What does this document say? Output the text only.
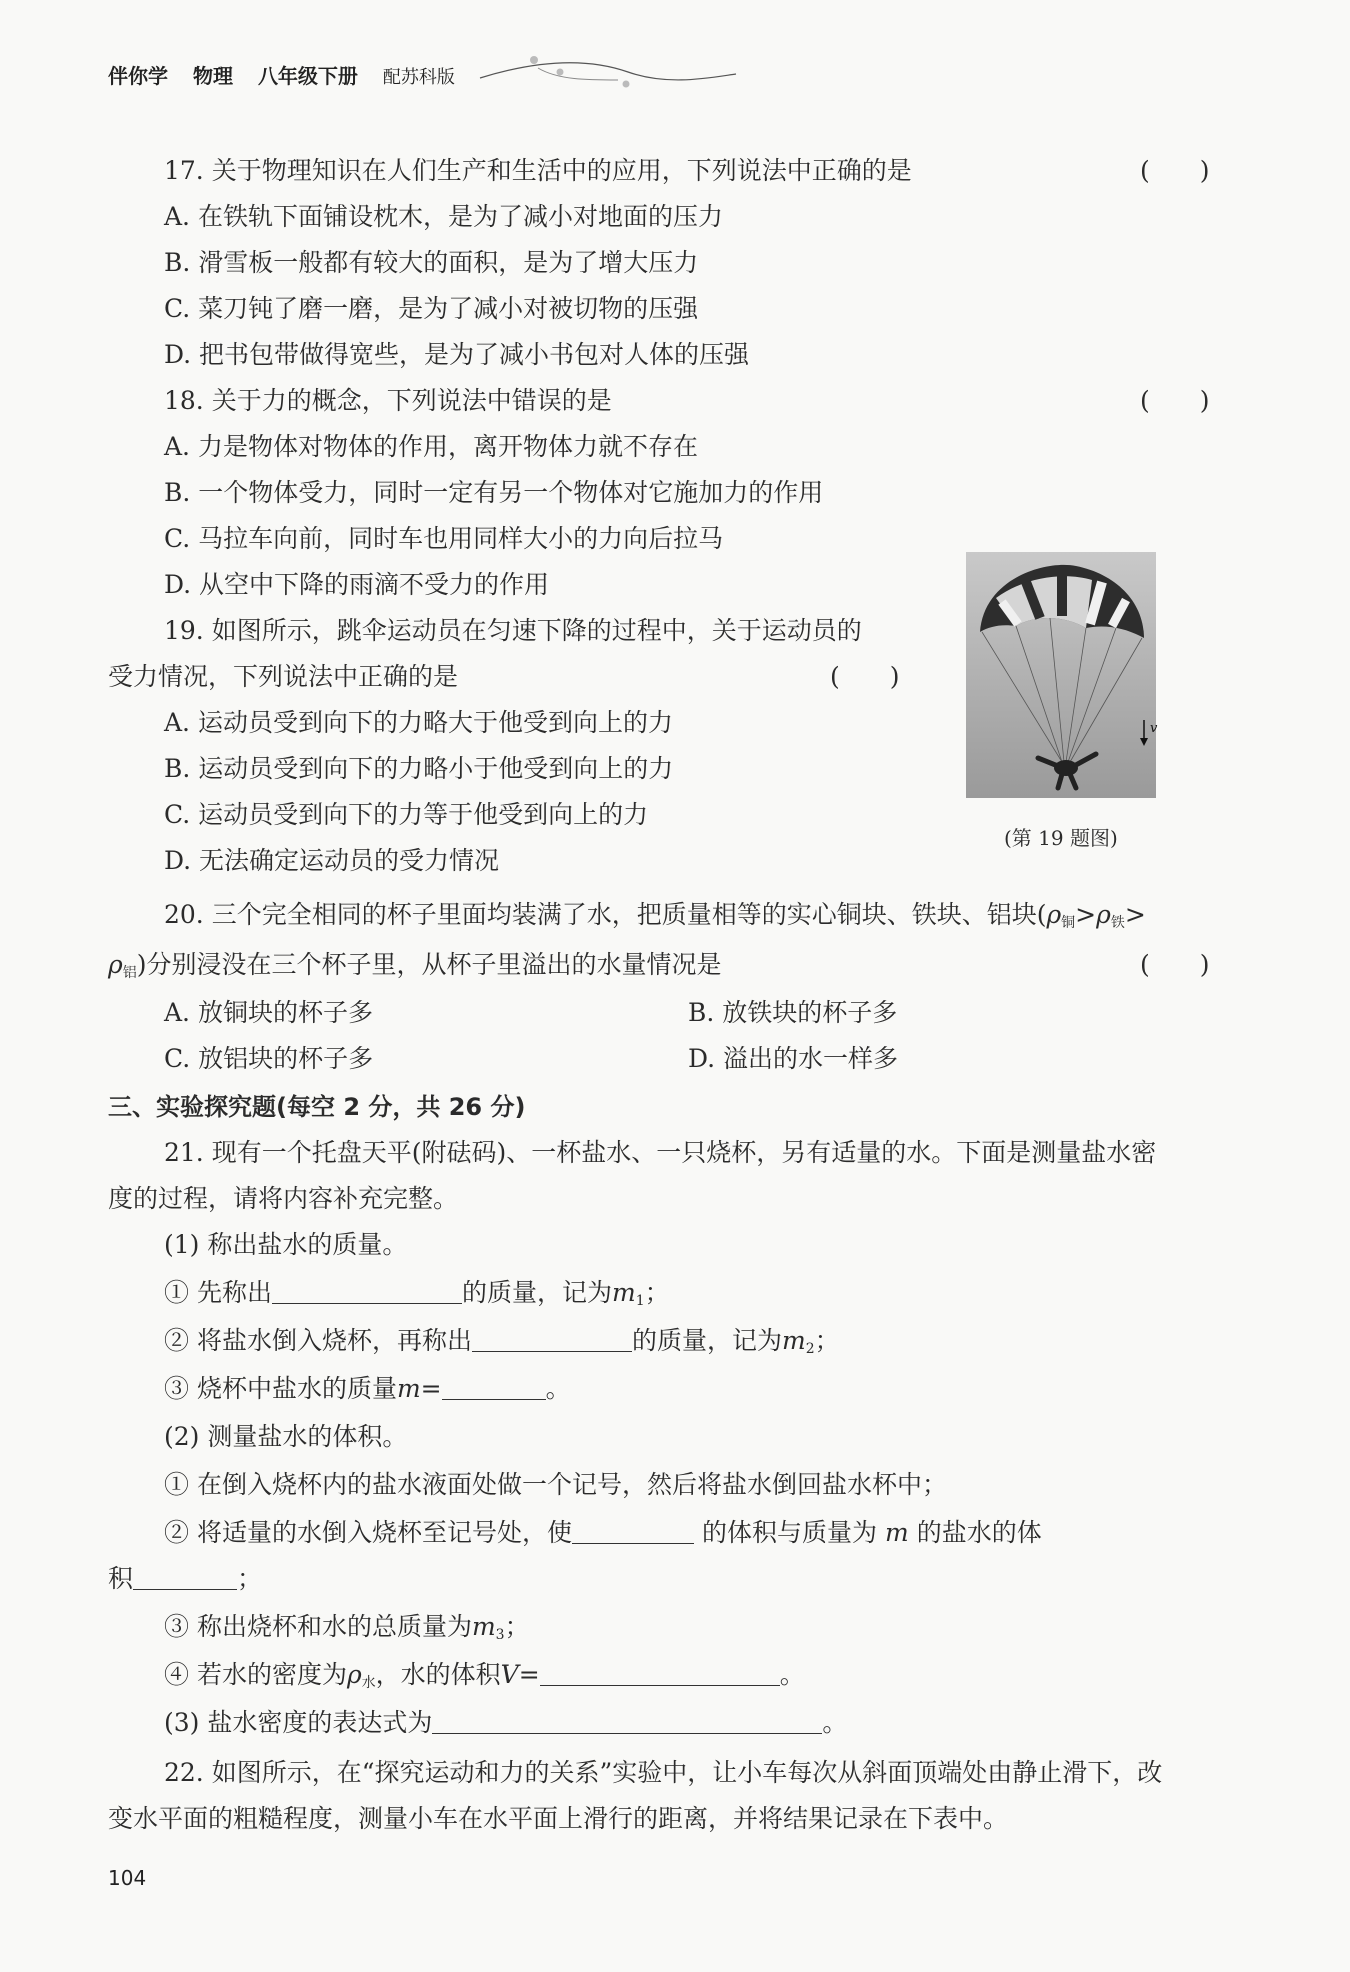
伴你学 物理 八年级下册 配苏科版
17. 关于物理知识在人们生产和生活中的应用，下列说法中正确的是	(　　)
A. 在铁轨下面铺设枕木，是为了减小对地面的压力
B. 滑雪板一般都有较大的面积，是为了增大压力
C. 菜刀钝了磨一磨，是为了减小对被切物的压强
D. 把书包带做得宽些，是为了减小书包对人体的压强
18. 关于力的概念，下列说法中错误的是	(　　)
A. 力是物体对物体的作用，离开物体力就不存在
B. 一个物体受力，同时一定有另一个物体对它施加力的作用
C. 马拉车向前，同时车也用同样大小的力向后拉马
D. 从空中下降的雨滴不受力的作用
19. 如图所示，跳伞运动员在匀速下降的过程中，关于运动员的
受力情况，下列说法中正确的是	(　　)
A. 运动员受到向下的力略大于他受到向上的力
B. 运动员受到向下的力略小于他受到向上的力
C. 运动员受到向下的力等于他受到向上的力
D. 无法确定运动员的受力情况
v
(第 19 题图)
20. 三个完全相同的杯子里面均装满了水，把质量相等的实心铜块、铁块、铝块($\rho_铜>\rho_铁>$
$\rho_铝$)分别浸没在三个杯子里，从杯子里溢出的水量情况是	(　　)
A. 放铜块的杯子多	B. 放铁块的杯子多
C. 放铝块的杯子多	D. 溢出的水一样多
三、实验探究题(每空 2 分，共 26 分)
21. 现有一个托盘天平(附砝码)、一杯盐水、一只烧杯，另有适量的水。下面是测量盐水密
度的过程，请将内容补充完整。
(1) 称出盐水的质量。
① 先称出	的质量，记为$m_1$；
② 将盐水倒入烧杯，再称出	的质量，记为$m_2$；
③ 烧杯中盐水的质量m=	。
(2) 测量盐水的体积。
① 在倒入烧杯内的盐水液面处做一个记号，然后将盐水倒回盐水杯中；
② 将适量的水倒入烧杯至记号处，使	的体积与质量为 m 的盐水的体
积	；
③ 称出烧杯和水的总质量为$m_3$；
④ 若水的密度为$\rho_水$，水的体积V=	。
(3) 盐水密度的表达式为	。
22. 如图所示，在“探究运动和力的关系”实验中，让小车每次从斜面顶端处由静止滑下，改
变水平面的粗糙程度，测量小车在水平面上滑行的距离，并将结果记录在下表中。
104
